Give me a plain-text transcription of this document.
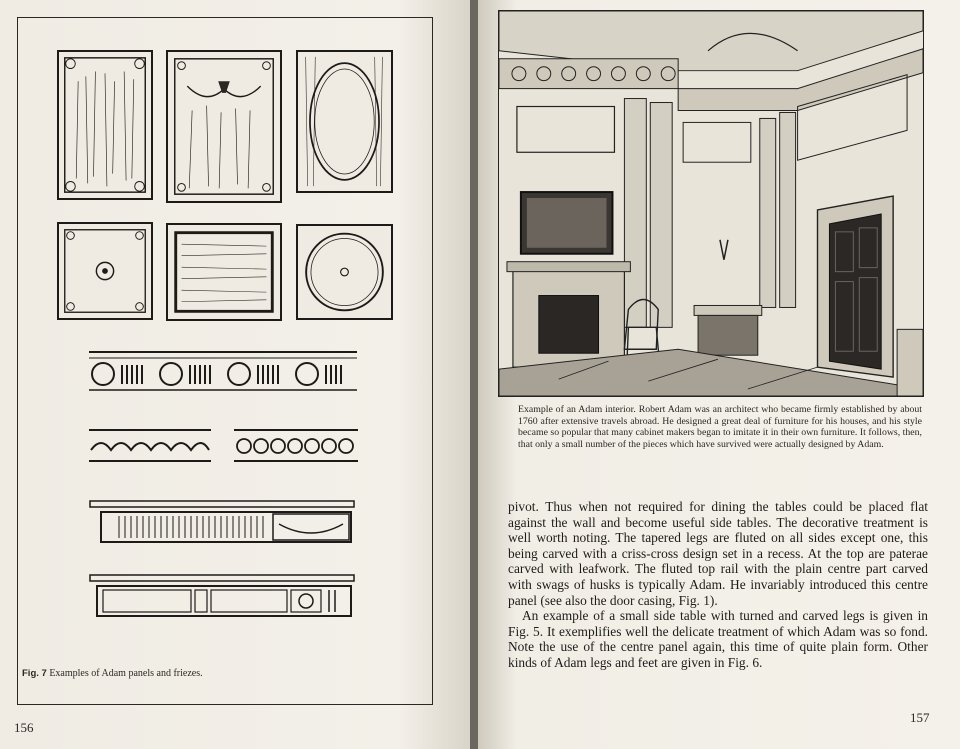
Fig. 7 Examples of Adam panels and friezes.
156
Example of an Adam interior. Robert Adam was an architect who became firmly established by about 1760 after extensive travels abroad. He designed a great deal of furniture for his houses, and his style became so popular that many cabinet makers began to imitate it in their own furniture. It follows, then, that only a small number of the pieces which have survived were actually designed by Adam.

pivot. Thus when not required for dining the tables could be placed flat against the wall and become useful side tables. The decorative treatment is well worth noting. The tapered legs are fluted on all sides except one, this being carved with a criss-cross design set in a recess. At the top are paterae carved with leafwork. The fluted top rail with the plain centre part carved with swags of husks is typically Adam. He invariably introduced this centre panel (see also the door casing, Fig. 1).

An example of a small side table with turned and carved legs is given in Fig. 5. It exemplifies well the delicate treatment of which Adam was so fond. Note the use of the centre panel again, this time of quite plain form. Other kinds of Adam legs and feet are given in Fig. 6.

157
